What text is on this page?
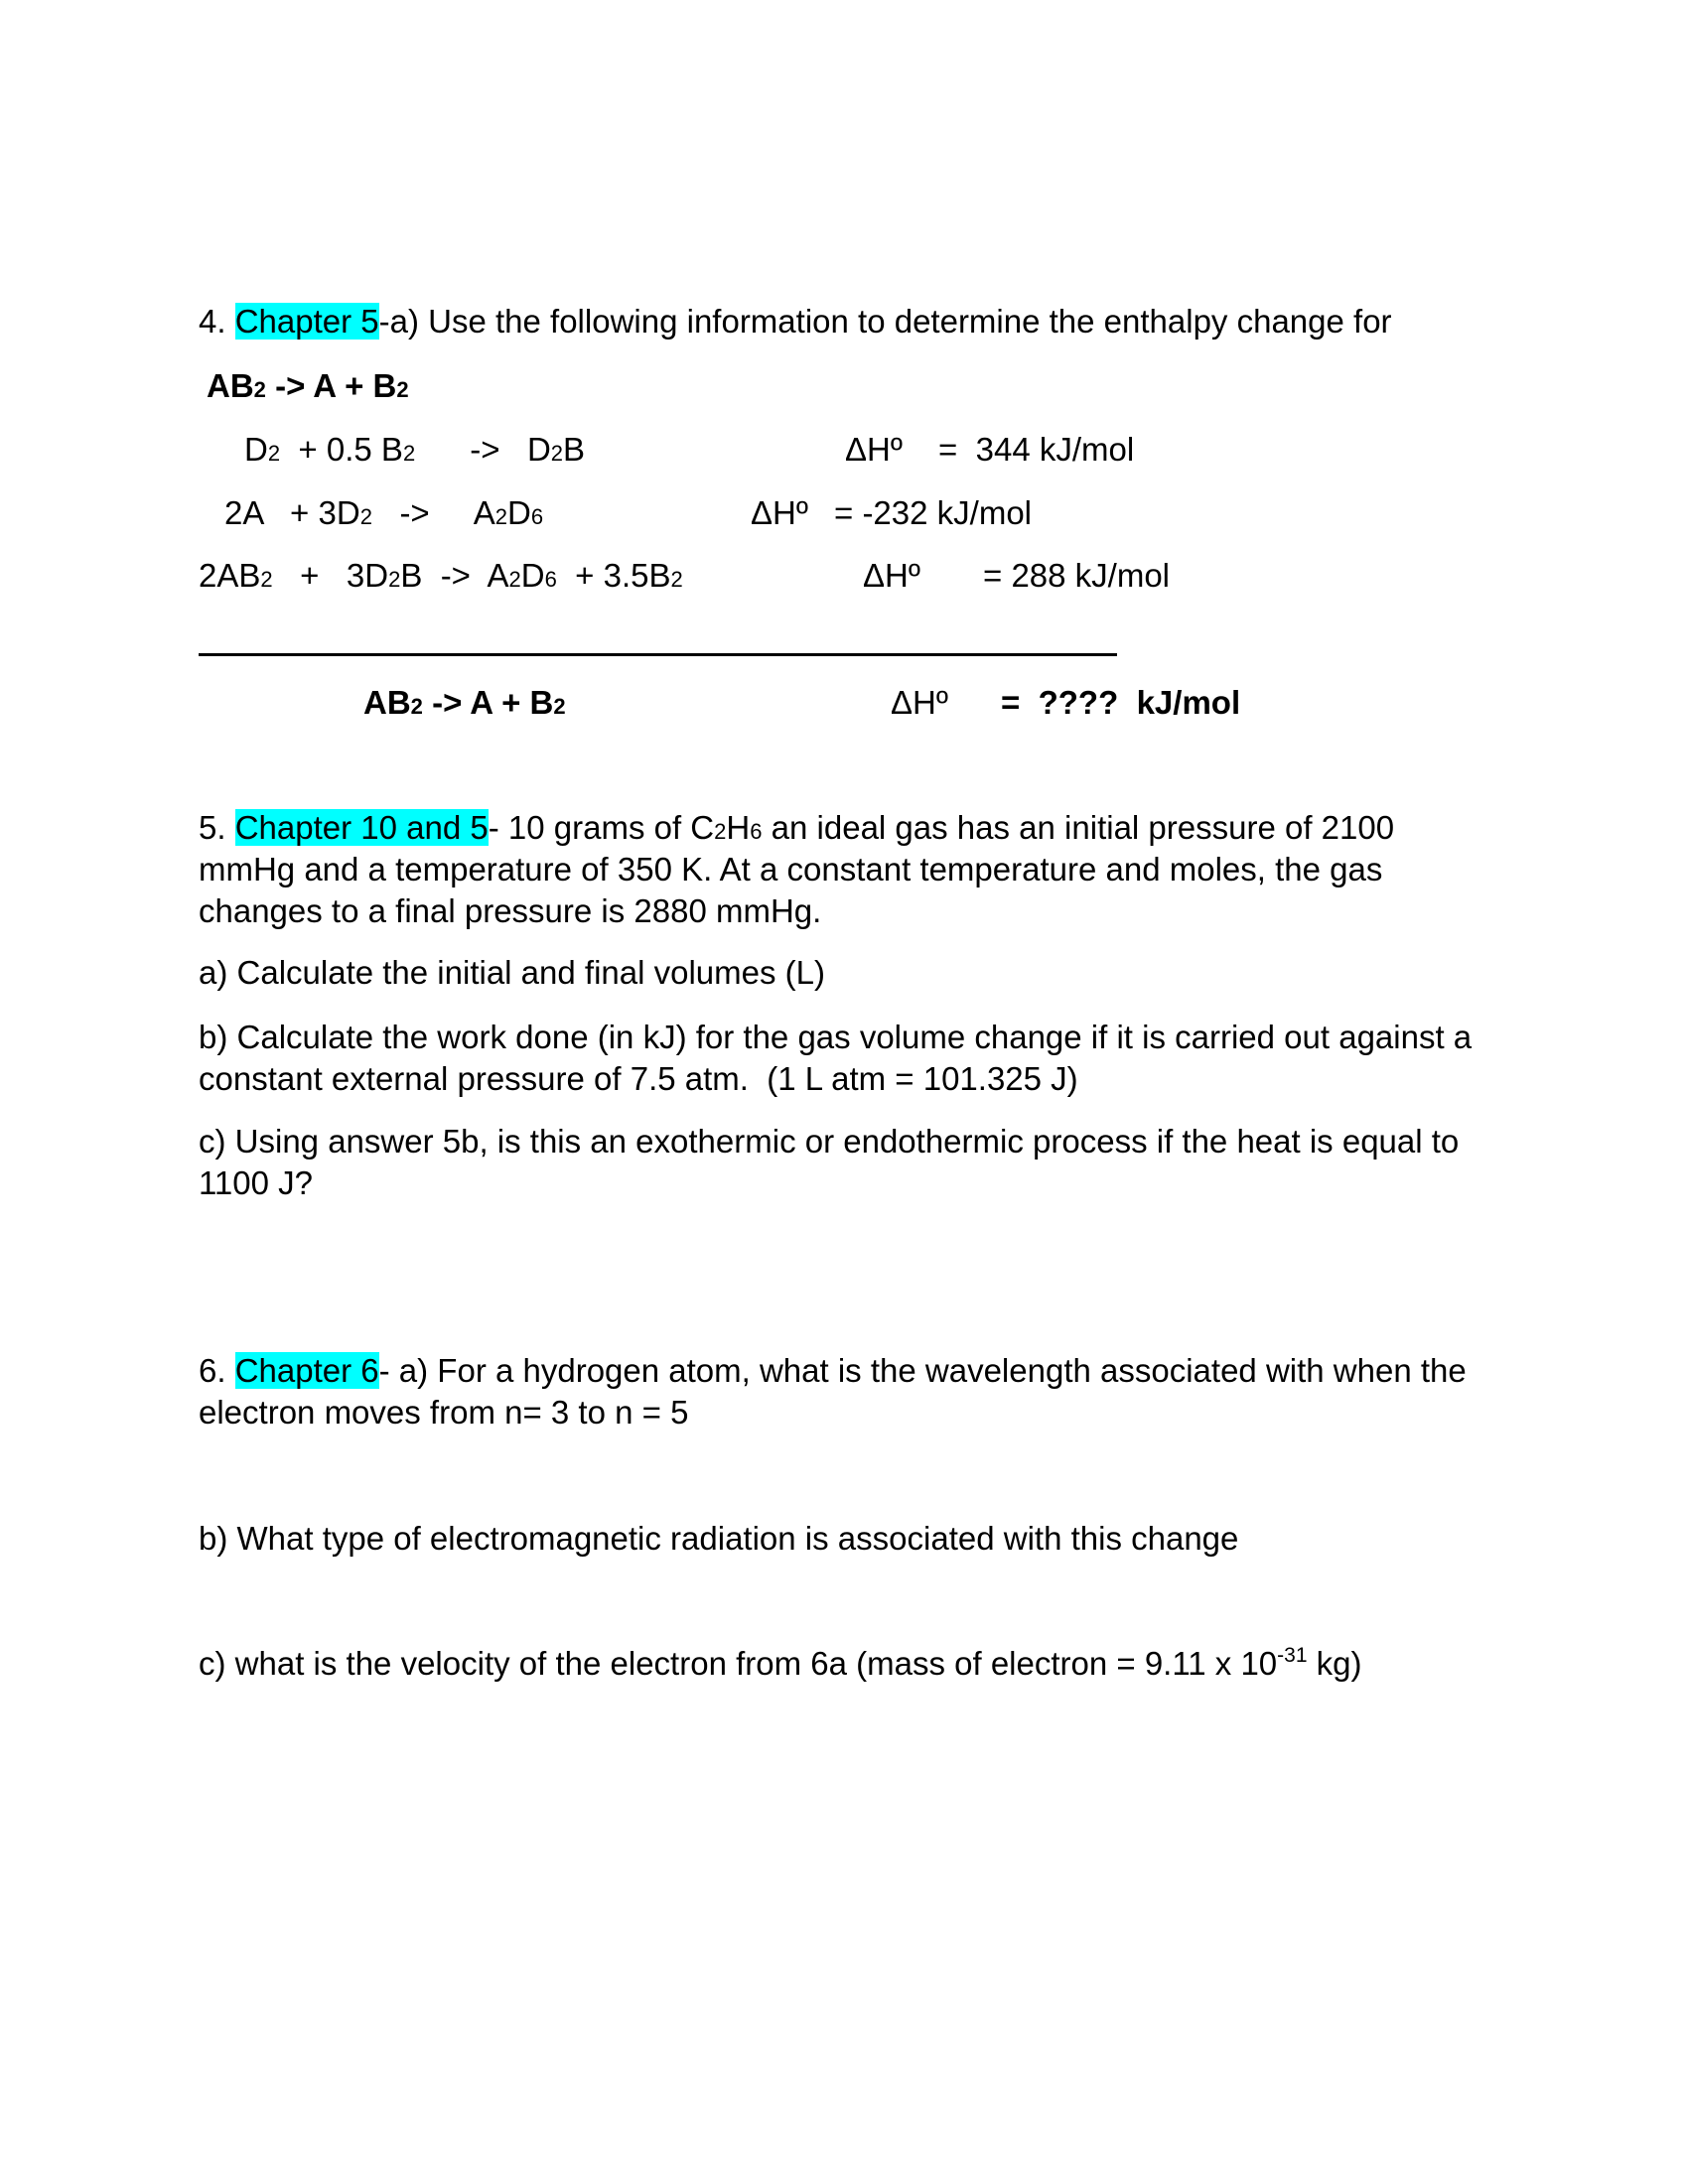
4. Chapter 5-a) Use the following information to determine the enthalpy change for
AB2 -> A + B2
D2  + 0.5 B2      ->   D2B	ΔHº =  344 kJ/mol
2A   + 3D2   ->     A2D6	ΔHº = -232 kJ/mol
2AB2   +   3D2B  ->  A2D6  + 3.5B2	ΔHº = 288 kJ/mol
AB2 -> A + B2	ΔHº =  ????  kJ/mol
5. Chapter 10 and 5- 10 grams of C2H6 an ideal gas has an initial pressure of 2100
mmHg and a temperature of 350 K. At a constant temperature and moles, the gas
changes to a final pressure is 2880 mmHg.
a) Calculate the initial and final volumes (L)
b) Calculate the work done (in kJ) for the gas volume change if it is carried out against a
constant external pressure of 7.5 atm.  (1 L atm = 101.325 J)
c) Using answer 5b, is this an exothermic or endothermic process if the heat is equal to
1100 J?
6. Chapter 6- a) For a hydrogen atom, what is the wavelength associated with when the
electron moves from n= 3 to n = 5
b) What type of electromagnetic radiation is associated with this change
c) what is the velocity of the electron from 6a (mass of electron = 9.11 x $10^{-31}$ kg)
